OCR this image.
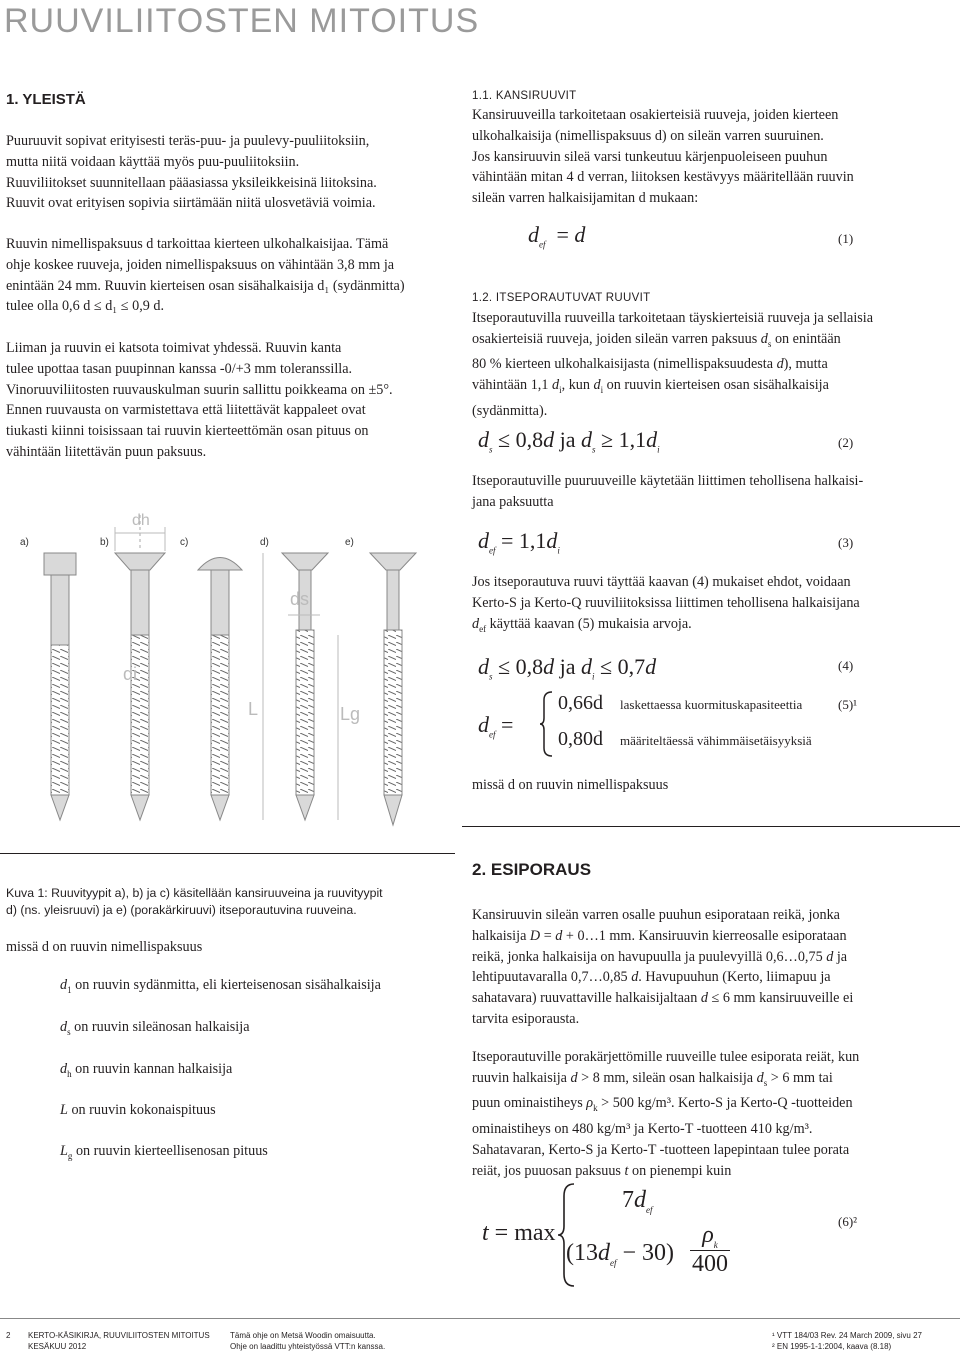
RUUVILIITOSTEN MITOITUS
1. YLEISTÄ

Puuruuvit sopivat erityisesti teräs-puu- ja puulevy-puuliitoksiin,

mutta niitä voidaan käyttää myös puu-puuliitoksiin.

Ruuviliitokset suunnitellaan pääasiassa yksileikkeisinä liitoksina.

Ruuvit ovat erityisen sopivia siirtämään niitä ulosvetäviä voimia.

Ruuvin nimellispaksuus d tarkoittaa kierteen ulkohalkaisijaa. Tämä

ohje koskee ruuveja, joiden nimellispaksuus on vähintään 3,8 mm ja

enintään 24 mm. Ruuvin kierteisen osan sisähalkaisija d₁ (sydänmitta)

tulee olla 0,6 d ≤ d₁ ≤ 0,9 d.

Liiman ja ruuvin ei katsota toimivat yhdessä. Ruuvin kanta

tulee upottaa tasan puupinnan kanssa -0/+3 mm toleranssilla.

Vinoruuviliitosten ruuvauskulman suurin sallittu poikkeama on ±5°.

Ennen ruuvausta on varmistettava että liitettävät kappaleet ovat

tiukasti kiinni toisissaan tai ruuvin kierteettömän osan pituus on

vähintään liitettävän puun paksuus.

a)	b)	c)	d)	e)
dh
ds
di
L	Lg
Kuva 1: Ruuvityypit a), b) ja c) käsitellään kansiruuveina ja ruuvityypit
d) (ns. yleisruuvi) ja e) (porakärkiruuvi) itseporautuvina ruuveina.
missä d on ruuvin nimellispaksuus
$d_1$ on ruuvin sydänmitta, eli kierteisenosan sisähalkaisija
$d_s$ on ruuvin sileänosan halkaisija
$d_h$ on ruuvin kannan halkaisija
L on ruuvin kokonaispituus
$L_g$ on ruuvin kierteellisenosan pituus
1.1. KANSIRUUVIT

Kansiruuveilla tarkoitetaan osakierteisiä ruuveja, joiden kierteen

ulkohalkaisija (nimellispaksuus d) on sileän varren suuruinen.

Jos kansiruuvin sileä varsi tunkeutuu kärjenpuoleiseen puuhun

vähintään mitan 4 d verran, liitoksen kestävyys määritellään ruuvin

sileän varren halkaisijamitan d mukaan:

$d_{ef} = d$	(1)
1.2. ITSEPORAUTUVAT RUUVIT

Itseporautuvilla ruuveilla tarkoitetaan täyskierteisiä ruuveja ja sellaisia

osakierteisiä ruuveja, joiden sileän varren paksuus $d_s$ on enintään

80 % kierteen ulkohalkaisijasta (nimellispaksuudesta d), mutta

vähintään 1,1 $d_i$, kun $d_i$ on ruuvin kierteisen osan sisähalkaisija

(sydänmitta).

$d_s \le 0,8d$ ja $d_s \ge 1,1d_i$	(2)

Itseporautuville puuruuveille käytetään liittimen tehollisena halkaisi-

jana paksuutta

$d_{ef} = 1,1d_i$
(3)

Jos itseporautuva ruuvi täyttää kaavan (4) mukaiset ehdot, voidaan

Kerto-S ja Kerto-Q ruuviliitoksissa liittimen tehollisena halkaisijana

$d_{ef}$ käyttää kaavan (5) mukaisia arvoja.

$d_s \le 0,8d$ ja $d_i \le 0,7d$	(4)
$d_{ef}$ =
0,66d laskettaessa kuormituskapasiteettia
0,80d määriteltäessä vähimmäisetäisyyksiä
(5)¹
missä d on ruuvin nimellispaksuus
2. ESIPORAUS

Kansiruuvin sileän varren osalle puuhun esiporataan reikä, jonka

halkaisija D = d + 0…1 mm. Kansiruuvin kierreosalle esiporataan

reikä, jonka halkaisija on havupuulla ja puulevyillä 0,6…0,75 d ja

lehtipuutavaralla 0,7…0,85 d. Havupuuhun (Kerto, liimapuu ja

sahatavara) ruuvattaville halkaisijaltaan d ≤ 6 mm kansiruuveille ei

tarvita esiporausta.

Itseporautuville porakärjettömille ruuveille tulee esiporata reiät, kun

ruuvin halkaisija d > 8 mm, sileän osan halkaisija $d_s > 6$ mm tai

puun ominaistiheys $\rho_k > 500$ kg/m³. Kerto-S ja Kerto-Q -tuotteiden

ominaistiheys on 480 kg/m³ ja Kerto-T -tuotteen 410 kg/m³.

Sahatavaran, Kerto-S ja Kerto-T -tuotteen lapepintaan tulee porata

reiät, jos puuosan paksuus t on pienempi kuin

t = max
$7d_{ef}$
$(13d_{ef} - 30)$
$\rho_k$
400
(6)²
2 KERTO-KÄSIKIRJA, RUUVILIITOSTEN MITOITUS
KESÄKUU 2012
Tämä ohje on Metsä Woodin omaisuutta.
Ohje on laadittu yhteistyössä VTT:n kanssa.
¹ VTT 184/03 Rev. 24 March 2009, sivu 27
² EN 1995-1-1:2004, kaava (8.18)
